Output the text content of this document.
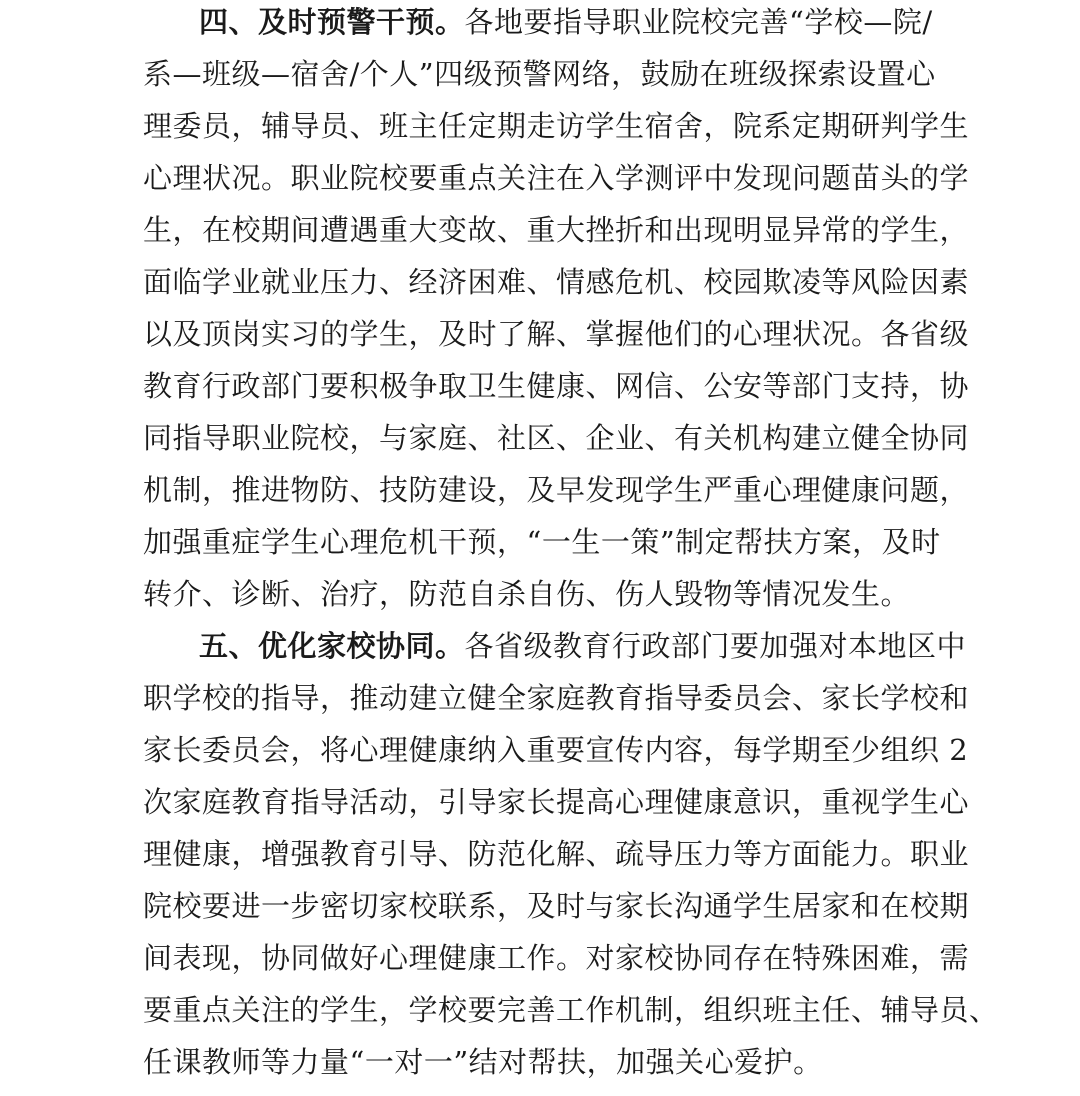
四、及时预警干预。各地要指导职业院校完善“学校—院/
系—班级—宿舍/个人”四级预警网络，鼓励在班级探索设置心
理委员，辅导员、班主任定期走访学生宿舍，院系定期研判学生
心理状况。职业院校要重点关注在入学测评中发现问题苗头的学
生，在校期间遭遇重大变故、重大挫折和出现明显异常的学生，
面临学业就业压力、经济困难、情感危机、校园欺凌等风险因素
以及顶岗实习的学生，及时了解、掌握他们的心理状况。各省级
教育行政部门要积极争取卫生健康、网信、公安等部门支持，协
同指导职业院校，与家庭、社区、企业、有关机构建立健全协同
机制，推进物防、技防建设，及早发现学生严重心理健康问题，
加强重症学生心理危机干预，“一生一策”制定帮扶方案，及时
转介、诊断、治疗，防范自杀自伤、伤人毁物等情况发生。
五、优化家校协同。各省级教育行政部门要加强对本地区中
职学校的指导，推动建立健全家庭教育指导委员会、家长学校和
家长委员会，将心理健康纳入重要宣传内容，每学期至少组织 2
次家庭教育指导活动，引导家长提高心理健康意识，重视学生心
理健康，增强教育引导、防范化解、疏导压力等方面能力。职业
院校要进一步密切家校联系，及时与家长沟通学生居家和在校期
间表现，协同做好心理健康工作。对家校协同存在特殊困难，需
要重点关注的学生，学校要完善工作机制，组织班主任、辅导员、
任课教师等力量“一对一”结对帮扶，加强关心爱护。
